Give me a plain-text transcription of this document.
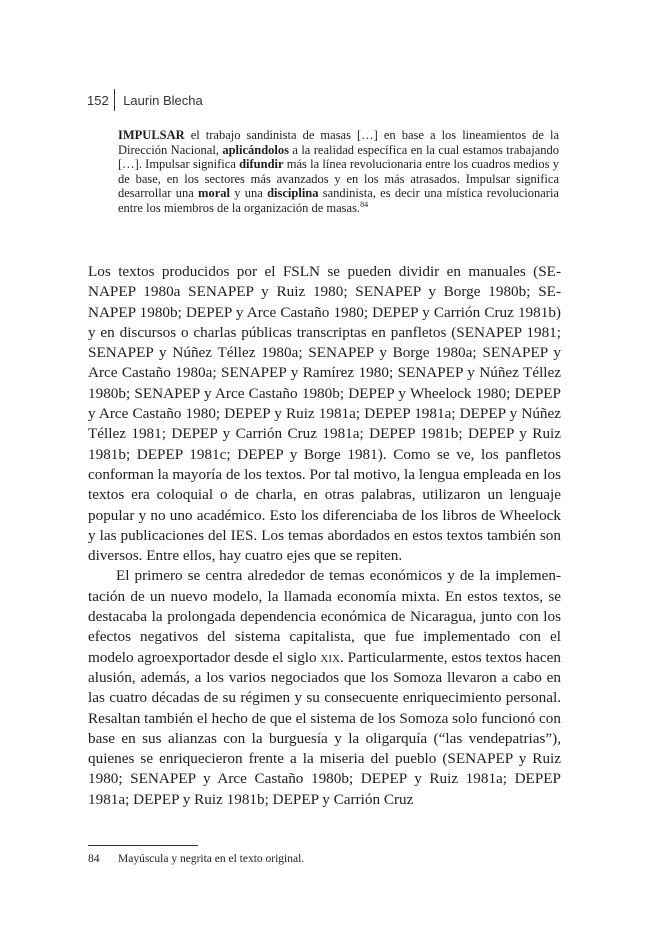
152 Laurin Blecha
IMPULSAR el trabajo sandinista de masas […] en base a los lineamientos de la Dirección Nacional, aplicándolos a la realidad específica en la cual estamos trabajando […]. Impulsar significa difundir más la línea revolucionaria entre los cuadros medios y de base, en los sectores más avanzados y en los más atrasados. Impulsar significa desarrollar una moral y una disciplina sandinista, es decir una mística revolucionaria entre los miembros de la organización de masas.$^{84}$

Los textos producidos por el FSLN se pueden dividir en manuales (SENAPEP 1980a SENAPEP y Ruiz 1980; SENAPEP y Borge 1980b; SENAPEP 1980b; DEPEP y Arce Castaño 1980; DEPEP y Carrión Cruz 1981b) y en discursos o charlas públicas transcriptas en panfletos (SENAPEP 1981; SENAPEP y Núñez Téllez 1980a; SENAPEP y Borge 1980a; SENAPEP y Arce Castaño 1980a; SENAPEP y Ramírez 1980; SENAPEP y Núñez Téllez 1980b; SENAPEP y Arce Castaño 1980b; DEPEP y Wheelock 1980; DEPEP y Arce Castaño 1980; DEPEP y Ruiz 1981a; DEPEP 1981a; DEPEP y Núñez Téllez 1981; DEPEP y Carrión Cruz 1981a; DEPEP 1981b; DEPEP y Ruiz 1981b; DEPEP 1981c; DEPEP y Borge 1981). Como se ve, los panfletos conforman la mayoría de los textos. Por tal motivo, la lengua empleada en los textos era coloquial o de charla, en otras palabras, utilizaron un lenguaje popular y no uno académico. Esto los diferenciaba de los libros de Wheelock y las publicaciones del IES. Los temas abordados en estos textos también son diversos. Entre ellos, hay cuatro ejes que se repiten.

El primero se centra alrededor de temas económicos y de la implementación de un nuevo modelo, la llamada economía mixta. En estos textos, se destacaba la prolongada dependencia económica de Nicaragua, junto con los efectos negativos del sistema capitalista, que fue implementado con el modelo agroexportador desde el siglo xix. Particularmente, estos textos hacen alusión, además, a los varios negociados que los Somoza llevaron a cabo en las cuatro décadas de su régimen y su consecuente enriquecimiento personal. Resaltan también el hecho de que el sistema de los Somoza solo funcionó con base en sus alianzas con la burguesía y la oligarquía (“las vendepatrias”), quienes se enriquecieron frente a la miseria del pueblo (SENAPEP y Ruiz 1980; SENAPEP y Arce Castaño 1980b; DEPEP y Ruiz 1981a; DEPEP 1981a; DEPEP y Ruiz 1981b; DEPEP y Carrión Cruz

84 Mayúscula y negrita en el texto original.
